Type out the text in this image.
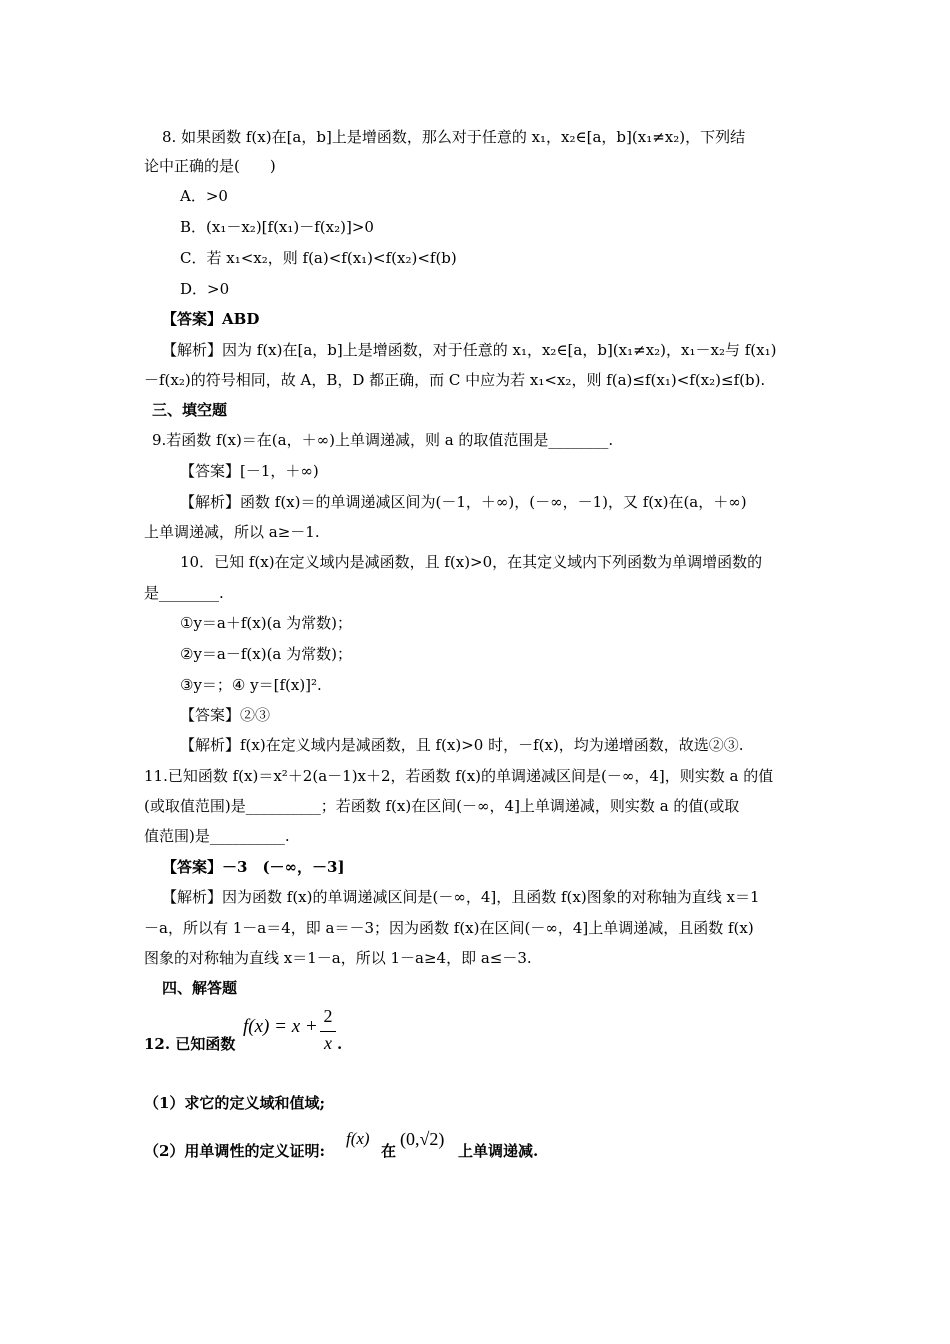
8. 如果函数 f(x)在[a，b]上是增函数，那么对于任意的 x₁，x₂∈[a，b](x₁≠x₂)，下列结
论中正确的是(　　)
A．>0
B．(x₁－x₂)[f(x₁)－f(x₂)]>0
C．若 x₁<x₂，则 f(a)<f(x₁)<f(x₂)<f(b)
D．>0
【答案】ABD
【解析】因为 f(x)在[a，b]上是增函数，对于任意的 x₁，x₂∈[a，b](x₁≠x₂)，x₁－x₂与 f(x₁)
－f(x₂)的符号相同，故 A，B，D 都正确，而 C 中应为若 x₁<x₂，则 f(a)≤f(x₁)<f(x₂)≤f(b).
三、填空题
9.若函数 f(x)＝在(a，＋∞)上单调递减，则 a 的取值范围是________.
【答案】[－1，＋∞)
【解析】函数 f(x)＝的单调递减区间为(－1，＋∞)，(－∞，－1)，又 f(x)在(a，＋∞)
上单调递减，所以 a≥－1.
10．已知 f(x)在定义域内是减函数，且 f(x)>0，在其定义域内下列函数为单调增函数的
是________.
①y＝a＋f(x)(a 为常数)；
②y＝a－f(x)(a 为常数)；
③y＝；④ y＝[f(x)]².
【答案】②③
【解析】f(x)在定义域内是减函数，且 f(x)>0 时，－f(x)，均为递增函数，故选②③.
11.已知函数 f(x)＝x²＋2(a－1)x＋2，若函数 f(x)的单调递减区间是(－∞，4]，则实数 a 的值
(或取值范围)是__________；若函数 f(x)在区间(－∞，4]上单调递减，则实数 a 的值(或取
值范围)是__________.
【答案】－3　(－∞，－3]
【解析】因为函数 f(x)的单调递减区间是(－∞，4]，且函数 f(x)图象的对称轴为直线 x＝1
－a，所以有 1－a＝4，即 a＝－3；因为函数 f(x)在区间(－∞，4]上单调递减，且函数 f(x)
图象的对称轴为直线 x＝1－a，所以 1－a≥4，即 a≤－3.
四、解答题
12. 已知函数
f(x) = x + 2
x .
（1）求它的定义域和值域;
（2）用单调性的定义证明:
f(x)
在
(0,√2)
上单调递减.
